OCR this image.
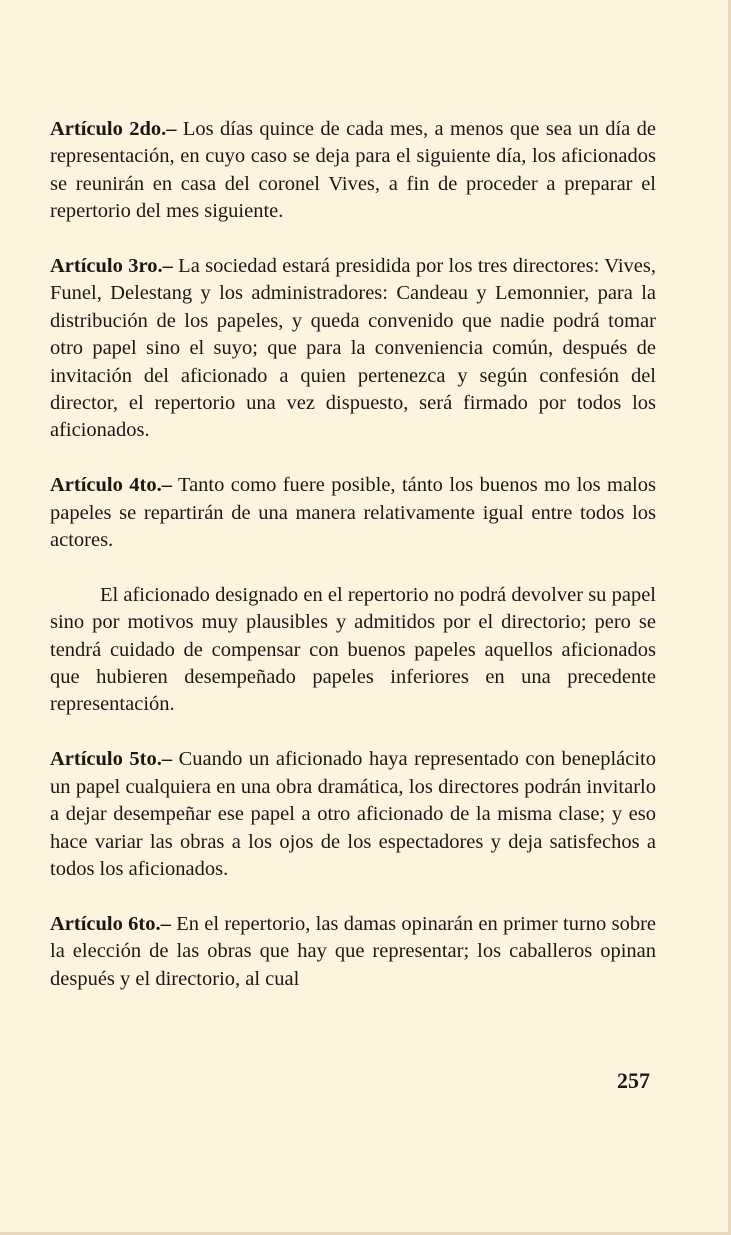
Artículo 2do.– Los días quince de cada mes, a menos que sea un día de representación, en cuyo caso se deja para el siguiente día, los aficionados se reunirán en casa del coronel Vives, a fin de proceder a preparar el repertorio del mes siguiente.

Artículo 3ro.– La sociedad estará presidida por los tres directores: Vives, Funel, Delestang y los administradores: Candeau y Lemonnier, para la distribución de los papeles, y queda convenido que nadie podrá tomar otro papel sino el suyo; que para la conveniencia común, después de invitación del aficionado a quien pertenezca y según confesión del director, el repertorio una vez dispuesto, será firmado por todos los aficionados.

Artículo 4to.– Tanto como fuere posible, tánto los buenos mo los malos papeles se repartirán de una manera relativamente igual entre todos los actores.

El aficionado designado en el repertorio no podrá devolver su papel sino por motivos muy plausibles y admitidos por el directorio; pero se tendrá cuidado de compensar con buenos papeles aquellos aficionados que hubieren desempeñado papeles inferiores en una precedente representación.

Artículo 5to.– Cuando un aficionado haya representado con beneplácito un papel cualquiera en una obra dramática, los directores podrán invitarlo a dejar desempeñar ese papel a otro aficionado de la misma clase; y eso hace variar las obras a los ojos de los espectadores y deja satisfechos a todos los aficionados.

Artículo 6to.– En el repertorio, las damas opinarán en primer turno sobre la elección de las obras que hay que representar; los caballeros opinan después y el directorio, al cual

257
